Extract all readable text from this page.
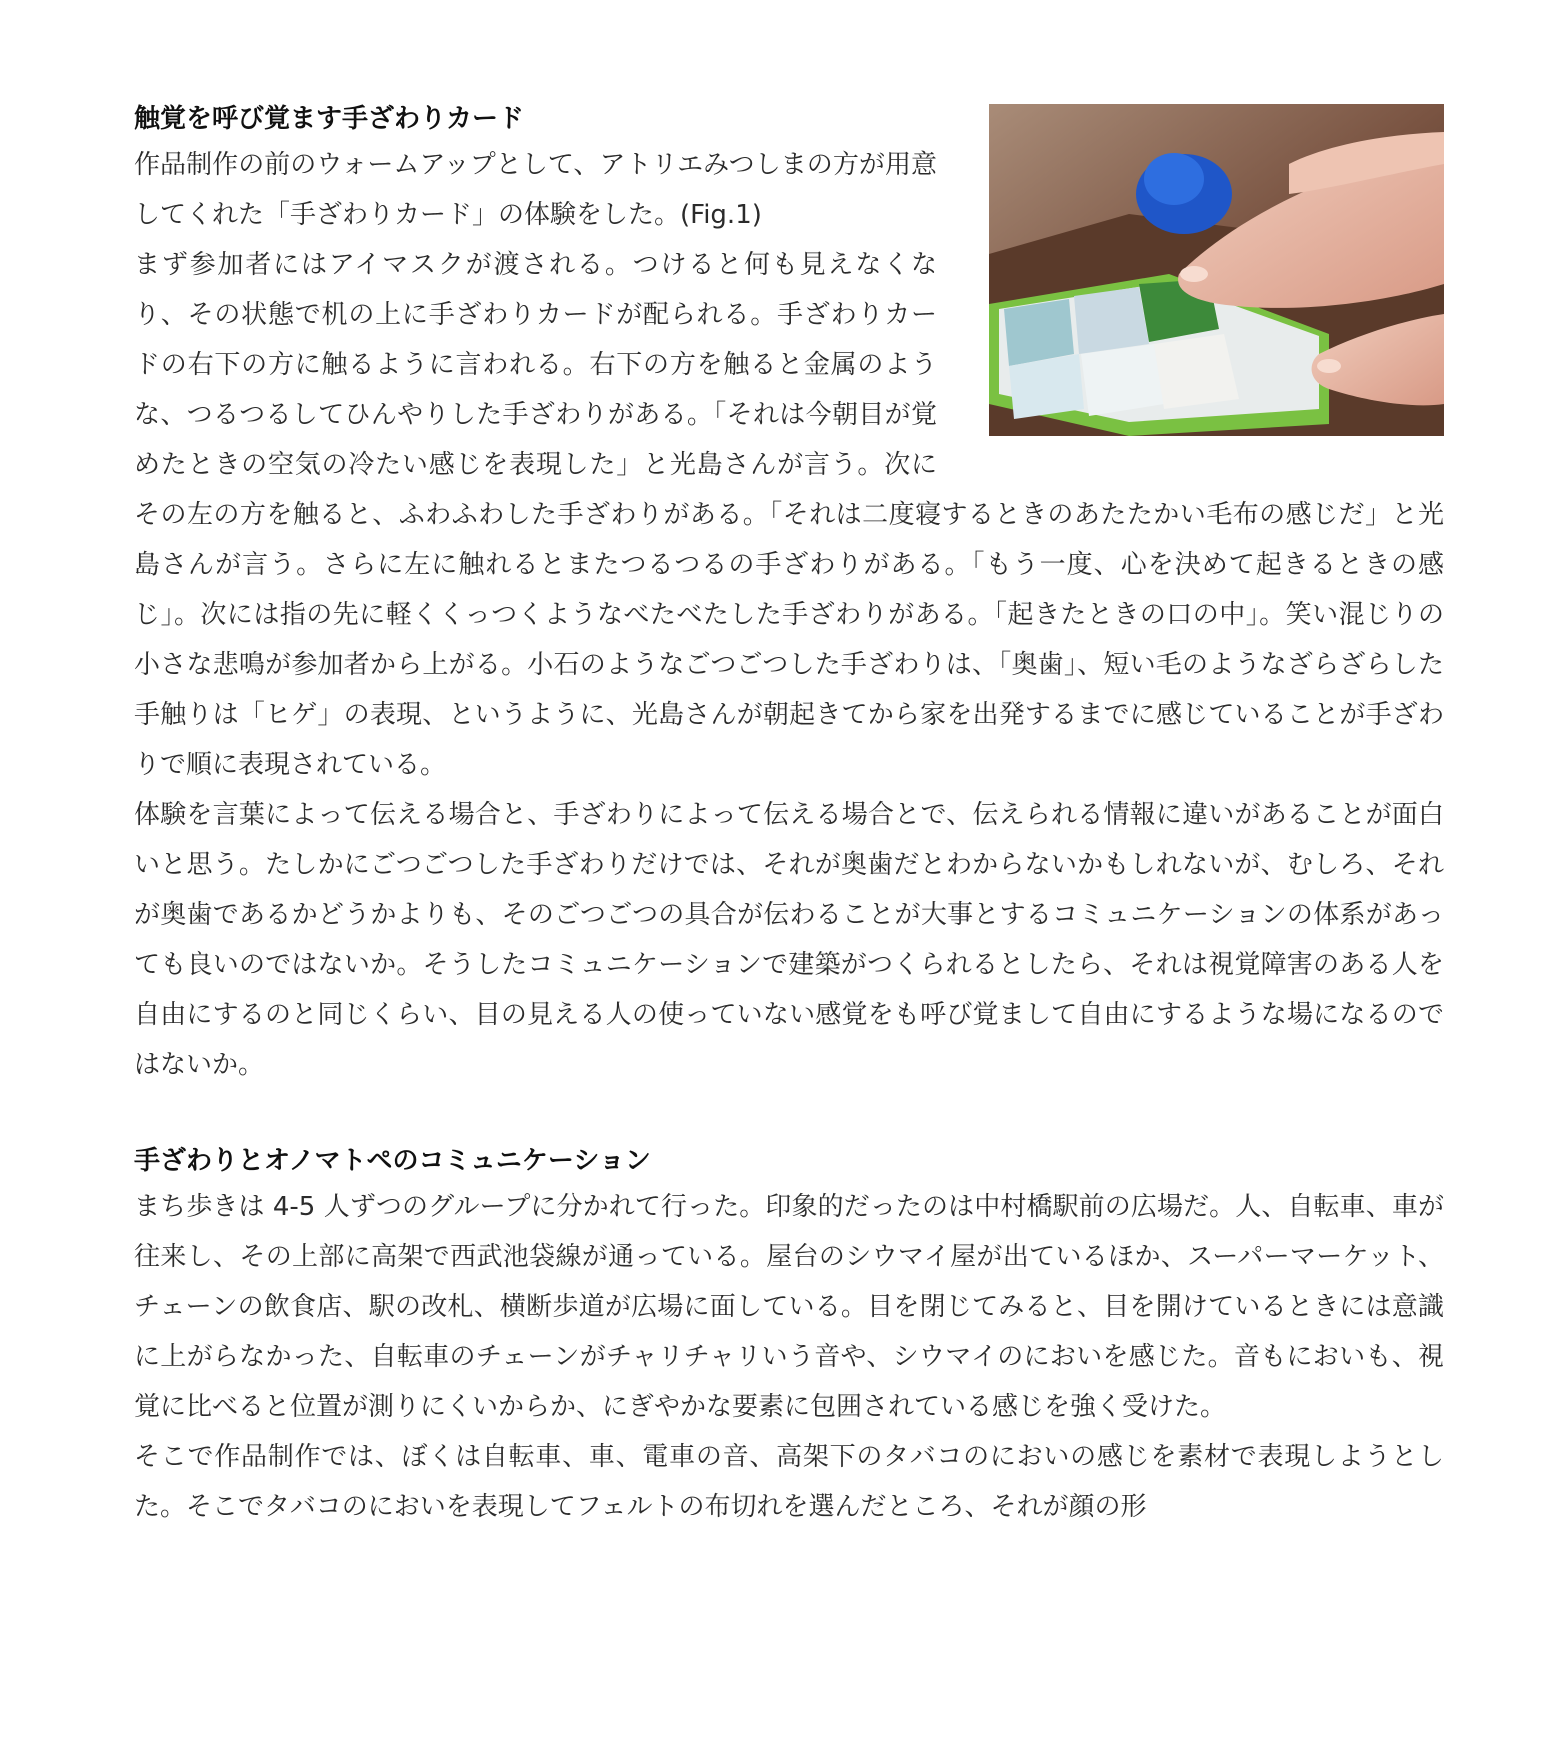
触覚を呼び覚ます手ざわりカード

作品制作の前のウォームアップとして、アトリエみつしまの方が用意してくれた「手ざわりカード」の体験をした。(Fig.1)

まず参加者にはアイマスクが渡される。つけると何も見えなくなり、その状態で机の上に手ざわりカードが配られる。手ざわりカードの右下の方に触るように言われる。右下の方を触ると金属のような、つるつるしてひんやりした手ざわりがある。「それは今朝目が覚めたときの空気の冷たい感じを表現した」と光島さんが言う。次にその左の方を触ると、ふわふわした手ざわりがある。「それは二度寝するときのあたたかい毛布の感じだ」と光島さんが言う。さらに左に触れるとまたつるつるの手ざわりがある。「もう一度、心を決めて起きるときの感じ」。次には指の先に軽くくっつくようなべたべたした手ざわりがある。「起きたときの口の中」。笑い混じりの小さな悲鳴が参加者から上がる。小石のようなごつごつした手ざわりは、「奥歯」、短い毛のようなざらざらした手触りは「ヒゲ」の表現、というように、光島さんが朝起きてから家を出発するまでに感じていることが手ざわりで順に表現されている。

体験を言葉によって伝える場合と、手ざわりによって伝える場合とで、伝えられる情報に違いがあることが面白いと思う。たしかにごつごつした手ざわりだけでは、それが奥歯だとわからないかもしれないが、むしろ、それが奥歯であるかどうかよりも、そのごつごつの具合が伝わることが大事とするコミュニケーションの体系があっても良いのではないか。そうしたコミュニケーションで建築がつくられるとしたら、それは視覚障害のある人を自由にするのと同じくらい、目の見える人の使っていない感覚をも呼び覚まして自由にするような場になるのではないか。

手ざわりとオノマトペのコミュニケーション

まち歩きは 4-5 人ずつのグループに分かれて行った。印象的だったのは中村橋駅前の広場だ。人、自転車、車が往来し、その上部に高架で西武池袋線が通っている。屋台のシウマイ屋が出ているほか、スーパーマーケット、チェーンの飲食店、駅の改札、横断歩道が広場に面している。目を閉じてみると、目を開けているときには意識に上がらなかった、自転車のチェーンがチャリチャリいう音や、シウマイのにおいを感じた。音もにおいも、視覚に比べると位置が測りにくいからか、にぎやかな要素に包囲されている感じを強く受けた。

そこで作品制作では、ぼくは自転車、車、電車の音、高架下のタバコのにおいの感じを素材で表現しようとした。そこでタバコのにおいを表現してフェルトの布切れを選んだところ、それが顔の形
